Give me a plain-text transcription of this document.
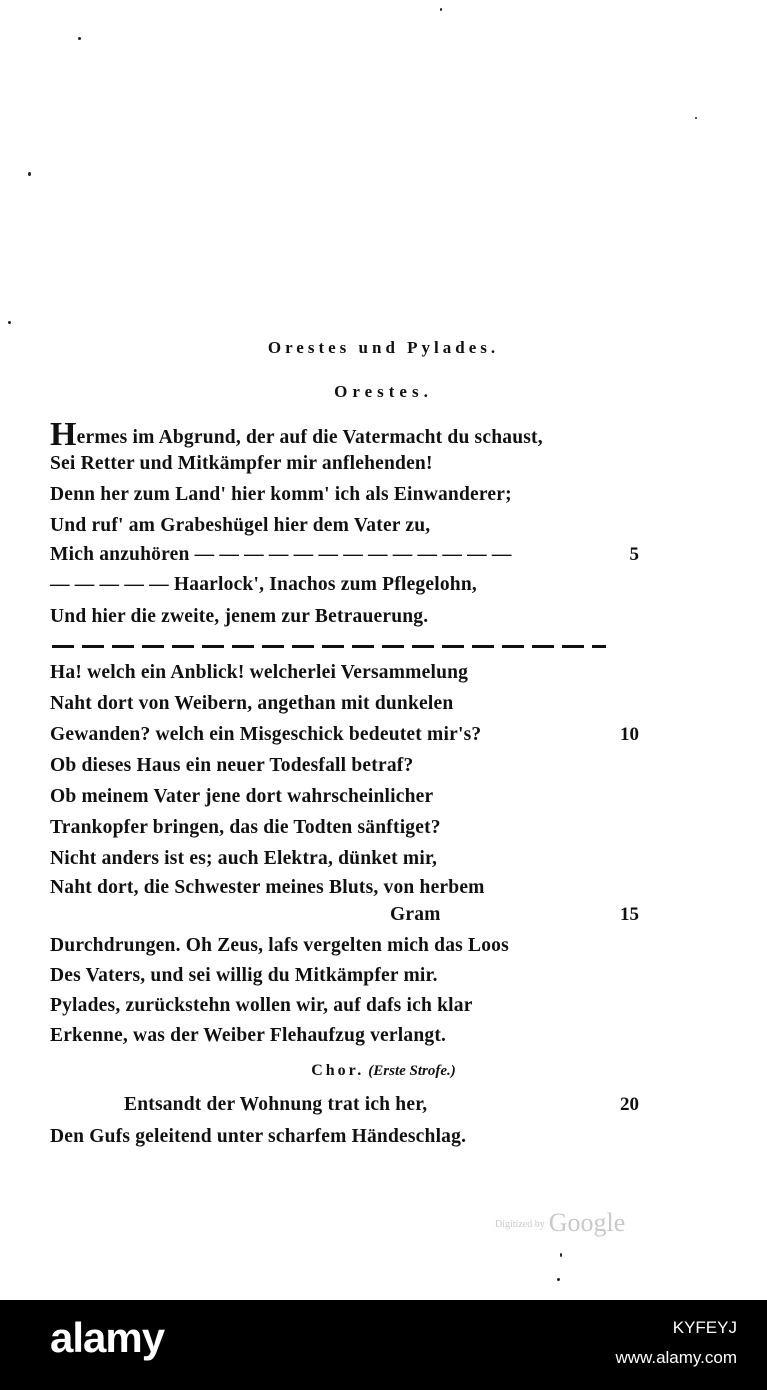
Orestes und Pylades.
Orestes.
Hermes im Abgrund, der auf die Vatermacht du schaust,
Sei Retter und Mitkämpfer mir anflehenden!
Denn her zum Land' hier komm' ich als Einwanderer;
Und ruf' am Grabeshügel hier dem Vater zu,
Mich anzuhören — — — — — — — — — — — — —	5
— — — — — Haarlock', Inachos zum Pflegelohn,
Und hier die zweite, jenem zur Betrauerung.
Ha! welch ein Anblick! welcherlei Versammelung
Naht dort von Weibern, angethan mit dunkelen
Gewanden? welch ein Misgeschick bedeutet mir's?	10
Ob dieses Haus ein neuer Todesfall betraf?
Ob meinem Vater jene dort wahrscheinlicher
Trankopfer bringen, das die Todten sänftiget?
Nicht anders ist es; auch Elektra, dünket mir,
Naht dort, die Schwester meines Bluts, von herbem
Gram	15
Durchdrungen. Oh Zeus, lafs vergelten mich das Loos
Des Vaters, und sei willig du Mitkämpfer mir.
Pylades, zurückstehn wollen wir, auf dafs ich klar
Erkenne, was der Weiber Flehaufzug verlangt.
Chor. (Erste Strofe.)
Entsandt der Wohnung trat ich her,	20
Den Gufs geleitend unter scharfem Händeschlag.
$^{Digitized by}$ Google
alamy	KYFEYJ
www.alamy.com
